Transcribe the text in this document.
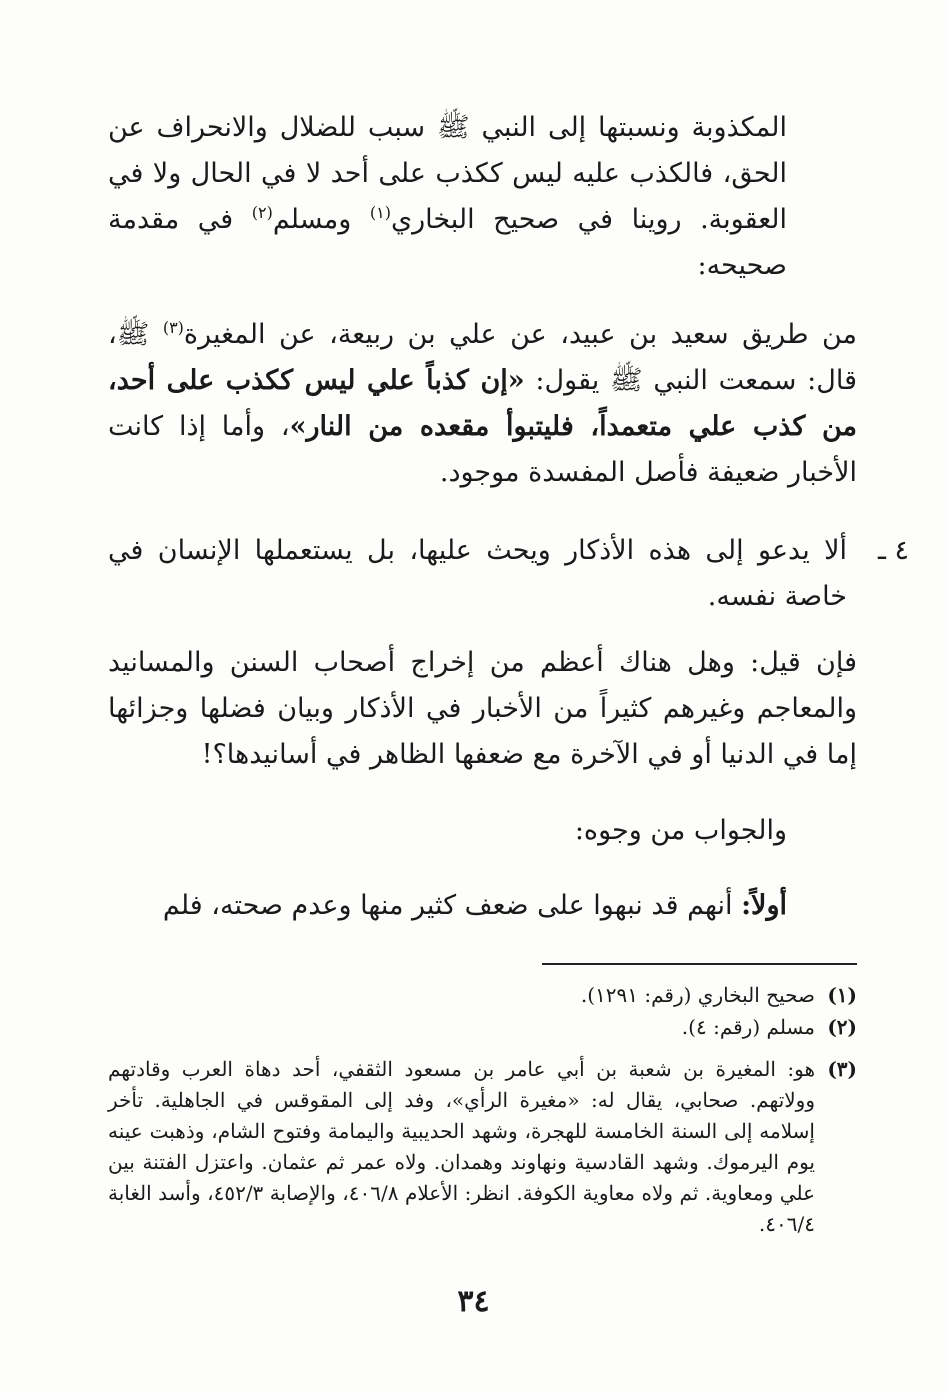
المكذوبة ونسبتها إلى النبي ﷺ سبب للضلال والانحراف عن الحق، فالكذب عليه ليس ككذب على أحد لا في الحال ولا في العقوبة. روينا في صحيح البخاري$^{(١)}$ ومسلم$^{(٢)}$ في مقدمة صحيحه:
من طريق سعيد بن عبيد، عن علي بن ربيعة، عن المغيرة$^{(٣)}$ ﷺ، قال: سمعت النبي ﷺ يقول: «إن كذباً علي ليس ككذب على أحد، من كذب علي متعمداً، فليتبوأ مقعده من النار»، وأما إذا كانت الأخبار ضعيفة فأصل المفسدة موجود.
٤ ـ
ألا يدعو إلى هذه الأذكار ويحث عليها، بل يستعملها الإنسان في خاصة نفسه.
فإن قيل: وهل هناك أعظم من إخراج أصحاب السنن والمسانيد والمعاجم وغيرهم كثيراً من الأخبار في الأذكار وبيان فضلها وجزائها إما في الدنيا أو في الآخرة مع ضعفها الظاهر في أسانيدها؟!
والجواب من وجوه:
أولاً: أنهم قد نبهوا على ضعف كثير منها وعدم صحته، فلم
(١)
صحيح البخاري (رقم: ١٢٩١).
(٢)
مسلم (رقم: ٤).
(٣)
هو: المغيرة بن شعبة بن أبي عامر بن مسعود الثقفي، أحد دهاة العرب وقادتهم وولاتهم. صحابي، يقال له: «مغيرة الرأي»، وفد إلى المقوقس في الجاهلية. تأخر إسلامه إلى السنة الخامسة للهجرة، وشهد الحديبية واليمامة وفتوح الشام، وذهبت عينه يوم اليرموك. وشهد القادسية ونهاوند وهمدان. ولاه عمر ثم عثمان. واعتزل الفتنة بين علي ومعاوية. ثم ولاه معاوية الكوفة. انظر: الأعلام ٤٠٦/٨، والإصابة ٤٥٢/٣، وأسد الغابة ٤٠٦/٤.
٣٤
